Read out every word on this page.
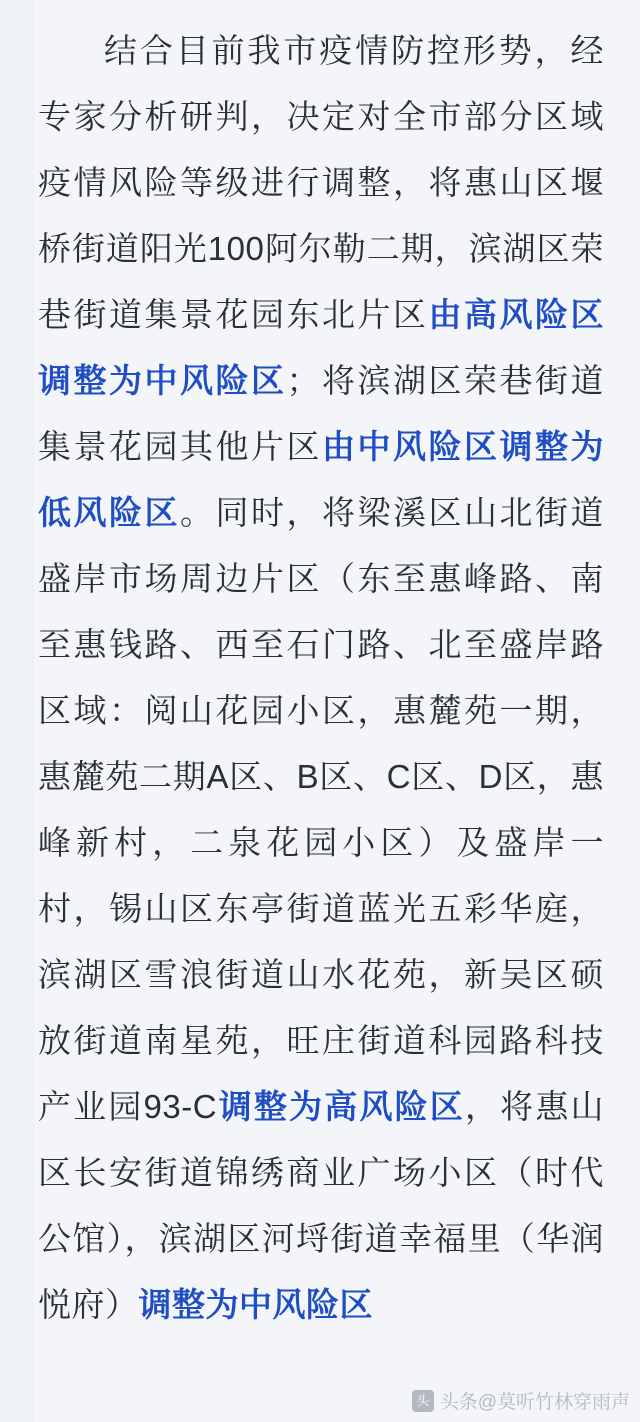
结合目前我市疫情防控形势，经专家分析研判，决定对全市部分区域疫情风险等级进行调整，将惠山区堰桥街道阳光100阿尔勒二期，滨湖区荣巷街道集景花园东北片区由高风险区调整为中风险区；将滨湖区荣巷街道集景花园其他片区由中风险区调整为低风险区。同时，将梁溪区山北街道盛岸市场周边片区（东至惠峰路、南至惠钱路、西至石门路、北至盛岸路区域：阅山花园小区，惠麓苑一期，惠麓苑二期A区、B区、C区、D区，惠峰新村，二泉花园小区）及盛岸一村，锡山区东亭街道蓝光五彩华庭，滨湖区雪浪街道山水花苑，新吴区硕放街道南星苑，旺庄街道科园路科技产业园93-C调整为高风险区，将惠山区长安街道锦绣商业广场小区（时代公馆），滨湖区河埒街道幸福里（华润悦府）调整为中风险区

头 头条@莫听竹林穿雨声
